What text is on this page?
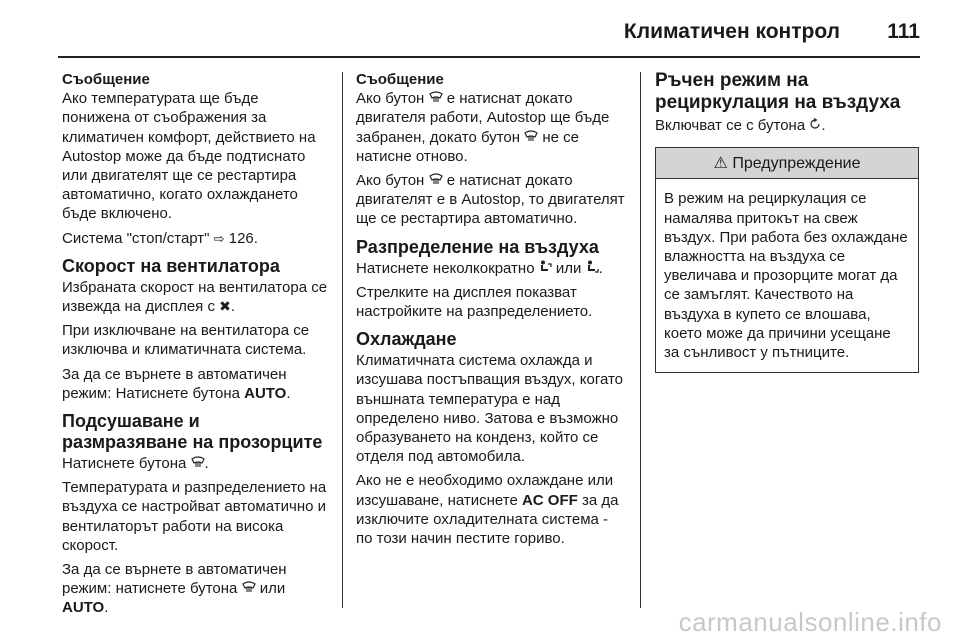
Климатичен контрол 111
Съобщение

Ако температурата ще бъде понижена от съображения за климатичен комфорт, действието на Autostop може да бъде подтиснато или двигателят ще се рестартира автоматично, когато охлаждането бъде включено.

Система "стоп/старт" ⇨ 126.

Скорост на вентилатора

Избраната скорост на вентилатора се извежда на дисплея с ✖.

При изключване на вентилатора се изключва и климатичната система.

За да се върнете в автоматичен режим: Натиснете бутона AUTO.

Подсушаване и размразяване на прозорците

Натиснете бутона .

Температурата и разпределението на въздуха се настройват автоматично и вентилаторът работи на висока скорост.

За да се върнете в автоматичен режим: натиснете бутона или AUTO.

Съобщение

Ако бутон е натиснат докато двигателя работи, Autostop ще бъде забранен, докато бутон не се натисне отново.

Ако бутон е натиснат докато двигателят е в Autostop, то двигателят ще се рестартира автоматично.

Разпределение на въздуха

Натиснете неколкократно или .

Стрелките на дисплея показват настройките на разпределението.

Охлаждане

Климатичната система охлажда и изсушава постъпващия въздух, когато външната температура е над определено ниво. Затова е възможно образуването на конденз, който се отделя под автомобила.

Ако не е необходимо охлаждане или изсушаване, натиснете AC OFF за да изключите охладителната система - по този начин пестите гориво.

Ръчен режим на рециркулация на въздуха

Включват се с бутона .

⚠ Предупреждение
В режим на рециркулация се намалява притокът на свеж въздух. При работа без охлаждане влажността на въздуха се увеличава и прозорците могат да се замъглят. Качеството на въздуха в купето се влошава, което може да причини усещане за сънливост у пътниците.
carmanualsonline.info
